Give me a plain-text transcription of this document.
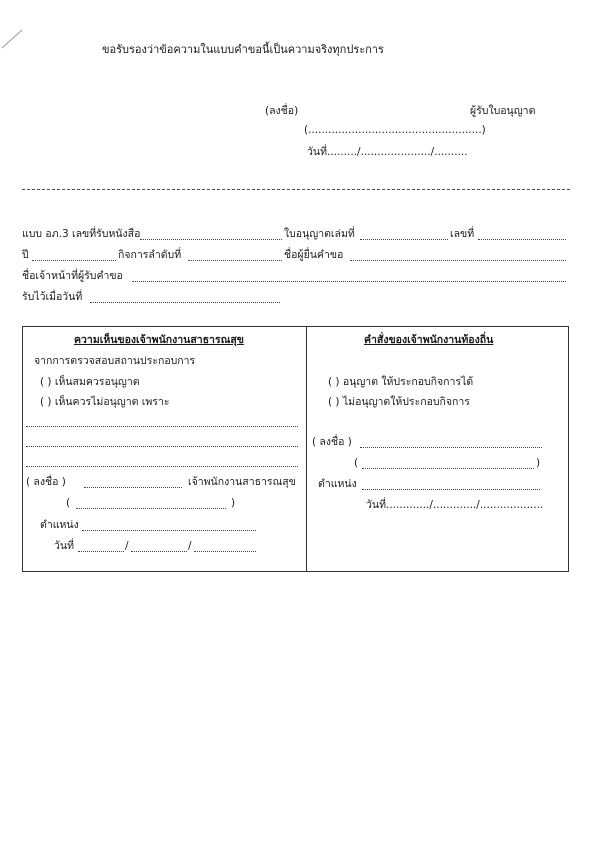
ขอรับรองว่าข้อความในแบบคำขอนี้เป็นความจริงทุกประการ
(ลงชื่อ)	ผู้รับใบอนุญาต
(....................................................)
วันที่........./...................../..........
แบบ อภ.3 เลขที่รับหนังสือ	ใบอนุญาตเล่มที่	เลขที่
ปี	กิจการลำดับที่	ชื่อผู้ยื่นคำขอ
ชื่อเจ้าหน้าที่ผู้รับคำขอ
รับไว้เมื่อวันที่
ความเห็นของเจ้าพนักงานสาธารณสุข
จากการตรวจสอบสถานประกอบการ
( ) เห็นสมควรอนุญาต
( ) เห็นควรไม่อนุญาต เพราะ
( ลงชื่อ )	เจ้าพนักงานสาธารณสุข
(	)
ตำแหน่ง
วันที่	/	/
คำสั่งของเจ้าพนักงานท้องถิ่น
( ) อนุญาต ให้ประกอบกิจการได้
( ) ไม่อนุญาตให้ประกอบกิจการ
( ลงชื่อ )
(	)
ตำแหน่ง
วันที่............./............./...................
